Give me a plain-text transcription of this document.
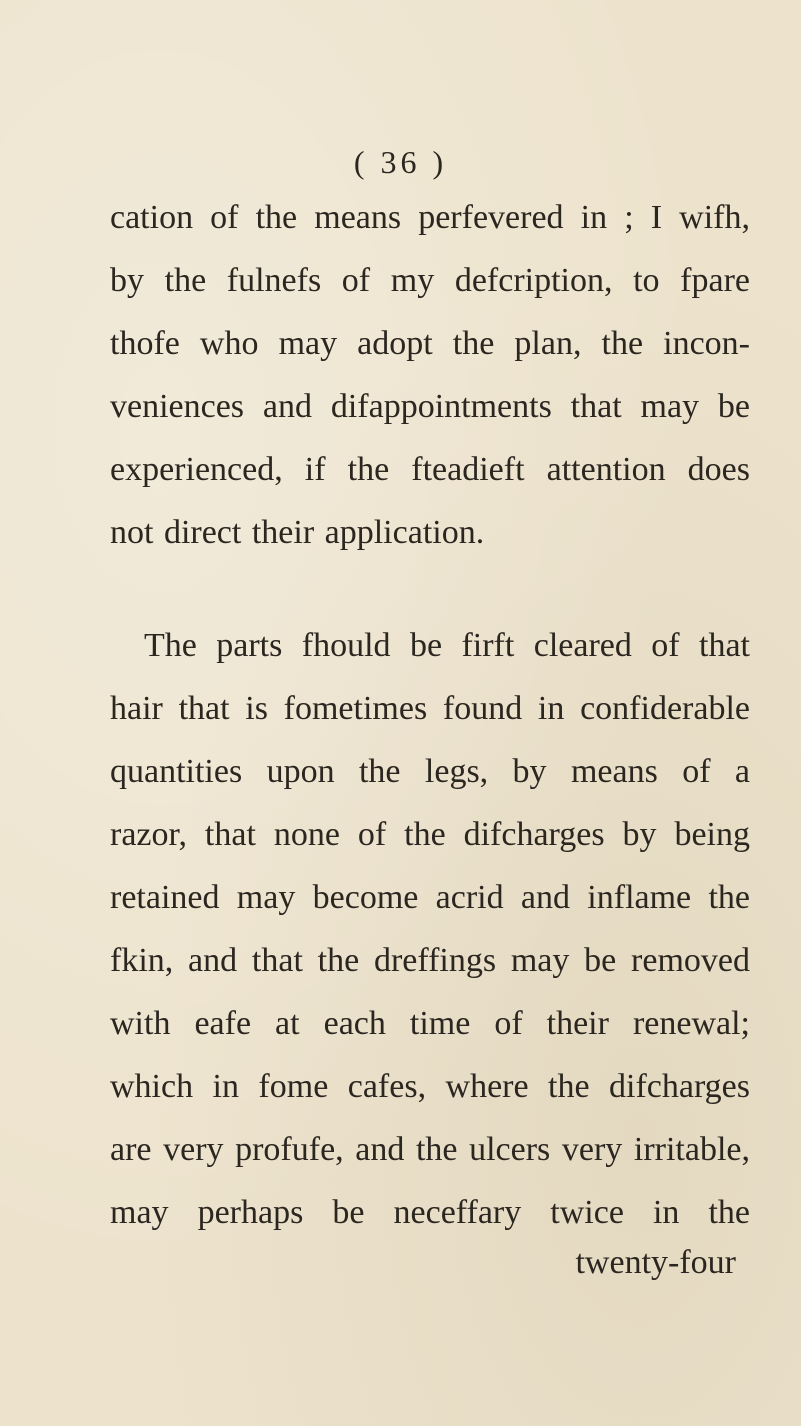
( 36 )
cation of the means perfevered in ; I wifh,
by the fulnefs of my defcription, to fpare
thofe who may adopt the plan, the incon-
veniences and difappointments that may be
experienced, if the fteadieft attention does
not direct their application.
The parts fhould be firft cleared of that
hair that is fometimes found in confiderable
quantities upon the legs, by means of a
razor, that none of the difcharges by being
retained may become acrid and inflame the
fkin, and that the dreffings may be removed
with eafe at each time of their renewal;
which in fome cafes, where the difcharges
are very profufe, and the ulcers very irritable,
may perhaps be neceffary twice in the
twenty-four
